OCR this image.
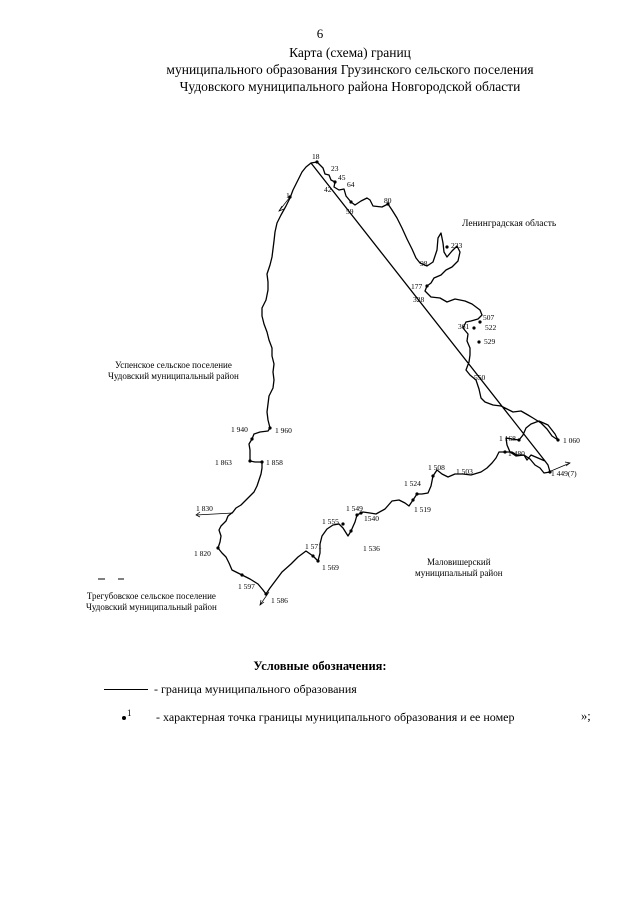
6
Карта (схема) границ
муниципального образования Грузинского сельского поселения
Чудовского муниципального района Новгородской области
1
18
23
45
42
64
59
80
223
98
177
328
507
361 522
529
550
1 060
1 168
1 480
1 449(7)
1 508 1 503
1 524
1 519
1 549
1540
1 555
1 536
1 571
1 569
1 586
1 597
1 820
1 830
1 863	1 858
1 940	1 960
Ленинградская область
Успенское сельское поселение
Чудовский муниципальный район
Трегубовское сельское поселение
Чудовский муниципальный район
Маловишерский
муниципальный район
Условные обозначения:
- граница муниципального образования
1 - характерная точка границы муниципального образования и ее номер	»;
